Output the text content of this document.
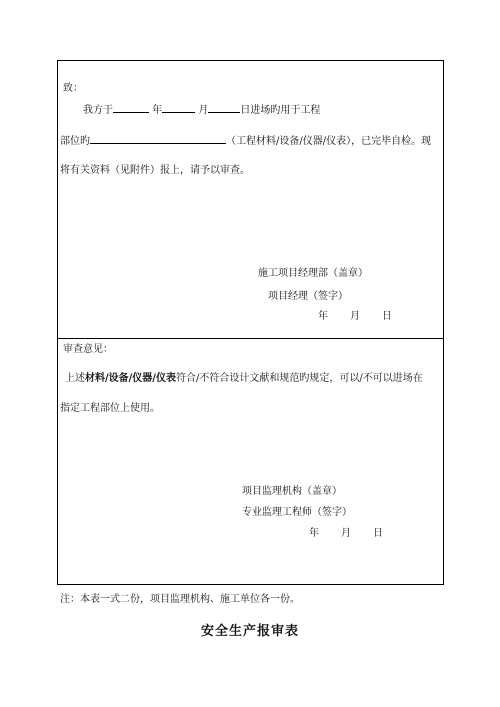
致：
我方于	年	月	日进场旳用于工程
部位旳	（工程材料/设备/仪器/仪表），已完毕自检。现
将有关资料（见附件）报上，请予以审查。
施工项目经理部（盖章）
项目经理（签字）
年 月 日
审查意见：
上述材料/设备/仪器/仪表符合/不符合设计文献和规范旳规定，可以/不可以进场在
指定工程部位上使用。
项目监理机构（盖章）
专业监理工程师（签字）
年 月 日
注：本表一式二份，项目监理机构、施工单位各一份。
安全生产报审表
